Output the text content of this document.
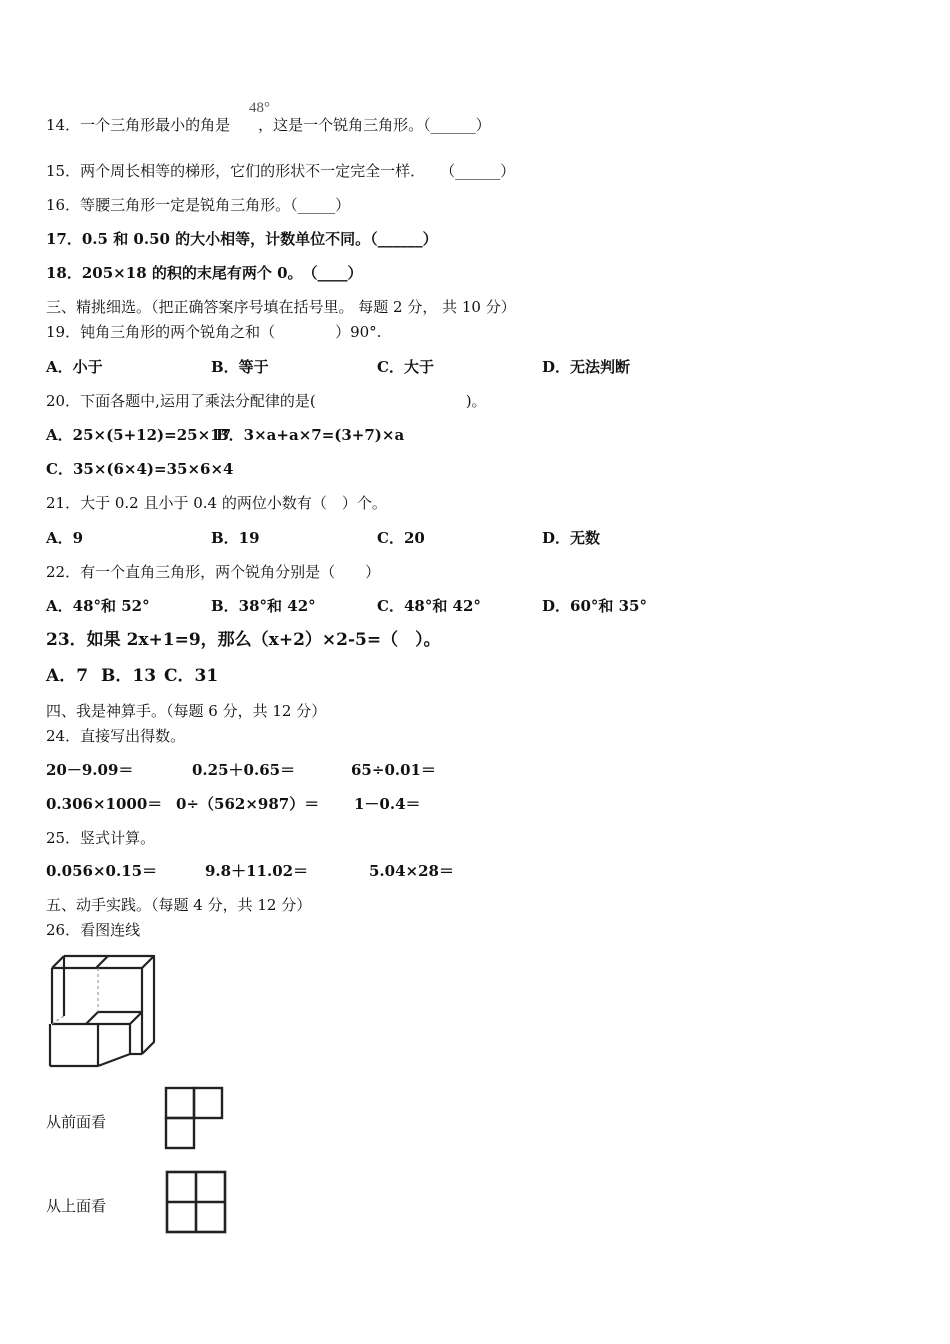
14．一个三角形最小的角是 ，这是一个锐角三角形。（______）
48°
15．两个周长相等的梯形，它们的形状不一定完全一样．　　（______）
16．等腰三角形一定是锐角三角形。（_____）
17．0.5 和 0.50 的大小相等，计数单位不同。（______）
18．205×18 的积的末尾有两个 0。　（____）
三、精挑细选。（把正确答案序号填在括号里。 每题 2 分， 共 10 分）
19．钝角三角形的两个锐角之和（　　　　）90°.
A．小于	B．等于	C．大于	D．无法判断
20．下面各题中,运用了乘法分配律的是(　　　　　　　　　　)。
A．25×(5+12)=25×17
B．3×a+a×7=(3+7)×a
C．35×(6×4)=35×6×4
21．大于 0.2 且小于 0.4 的两位小数有（　）个。
A．9	B．19	C．20	D．无数
22．有一个直角三角形，两个锐角分别是（　　）
A．48°和 52°	B．38°和 42°	C．48°和 42°	D．60°和 35°
23．如果 2x+1=9，那么（x+2）×2-5=（　）。
A．7 B．13 C．31
四、我是神算手。（每题 6 分，共 12 分）
24．直接写出得数。
20－9.09＝	0.25＋0.65＝	65÷0.01＝
0.306×1000＝ 0÷（562×987）＝ 1－0.4＝
25．竖式计算。
0.056×0.15＝	9.8＋11.02＝	5.04×28＝
五、动手实践。（每题 4 分，共 12 分）
26．看图连线
从前面看
从上面看
